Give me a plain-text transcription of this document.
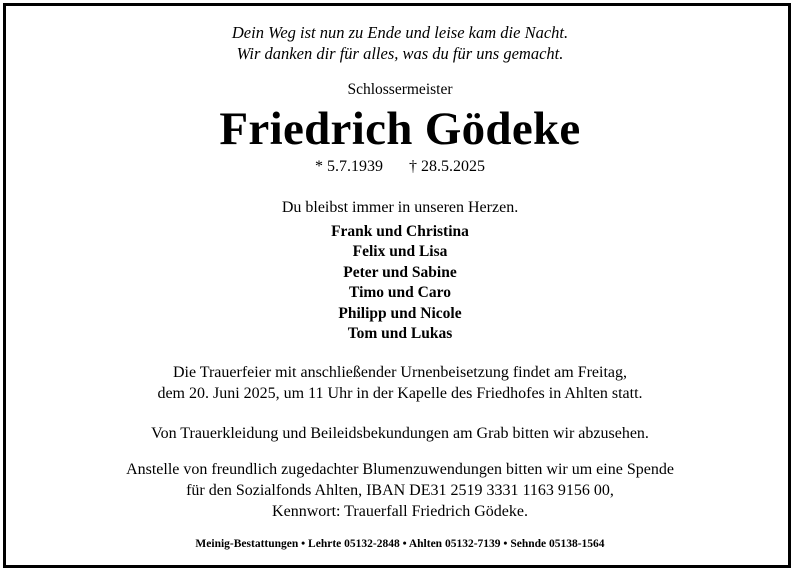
Dein Weg ist nun zu Ende und leise kam die Nacht.
Wir danken dir für alles, was du für uns gemacht.
Schlossermeister
Friedrich Gödeke
* 5.7.1939 † 28.5.2025
Du bleibst immer in unseren Herzen.
Frank und Christina
Felix und Lisa
Peter und Sabine
Timo und Caro
Philipp und Nicole
Tom und Lukas
Die Trauerfeier mit anschließender Urnenbeisetzung findet am Freitag,
dem 20. Juni 2025, um 11 Uhr in der Kapelle des Friedhofes in Ahlten statt.
Von Trauerkleidung und Beileidsbekundungen am Grab bitten wir abzusehen.
Anstelle von freundlich zugedachter Blumenzuwendungen bitten wir um eine Spende
für den Sozialfonds Ahlten, IBAN DE31 2519 3331 1163 9156 00,
Kennwort: Trauerfall Friedrich Gödeke.
Meinig-Bestattungen • Lehrte 05132-2848 • Ahlten 05132-7139 • Sehnde 05138-1564
